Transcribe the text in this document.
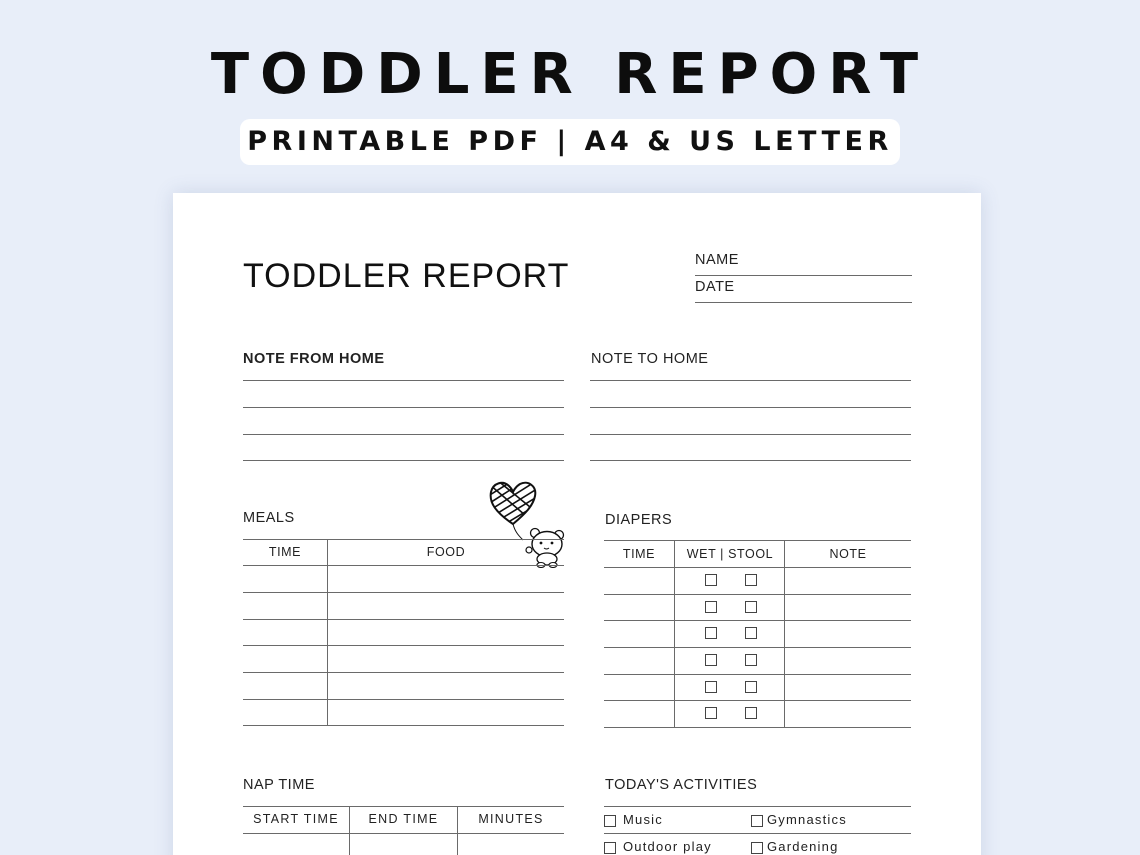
TODDLER REPORT
PRINTABLE PDF | A4 & US LETTER
TODDLER REPORT	NAME
DATE
NOTE FROM HOME	NOTE TO HOME
MEALS
TIME	FOOD
DIAPERS
TIME	WET | STOOL	NOTE
NAP TIME
START TIME	END TIME	MINUTES
TODAY'S ACTIVITIES
Music	Gymnastics
Outdoor play	Gardening
